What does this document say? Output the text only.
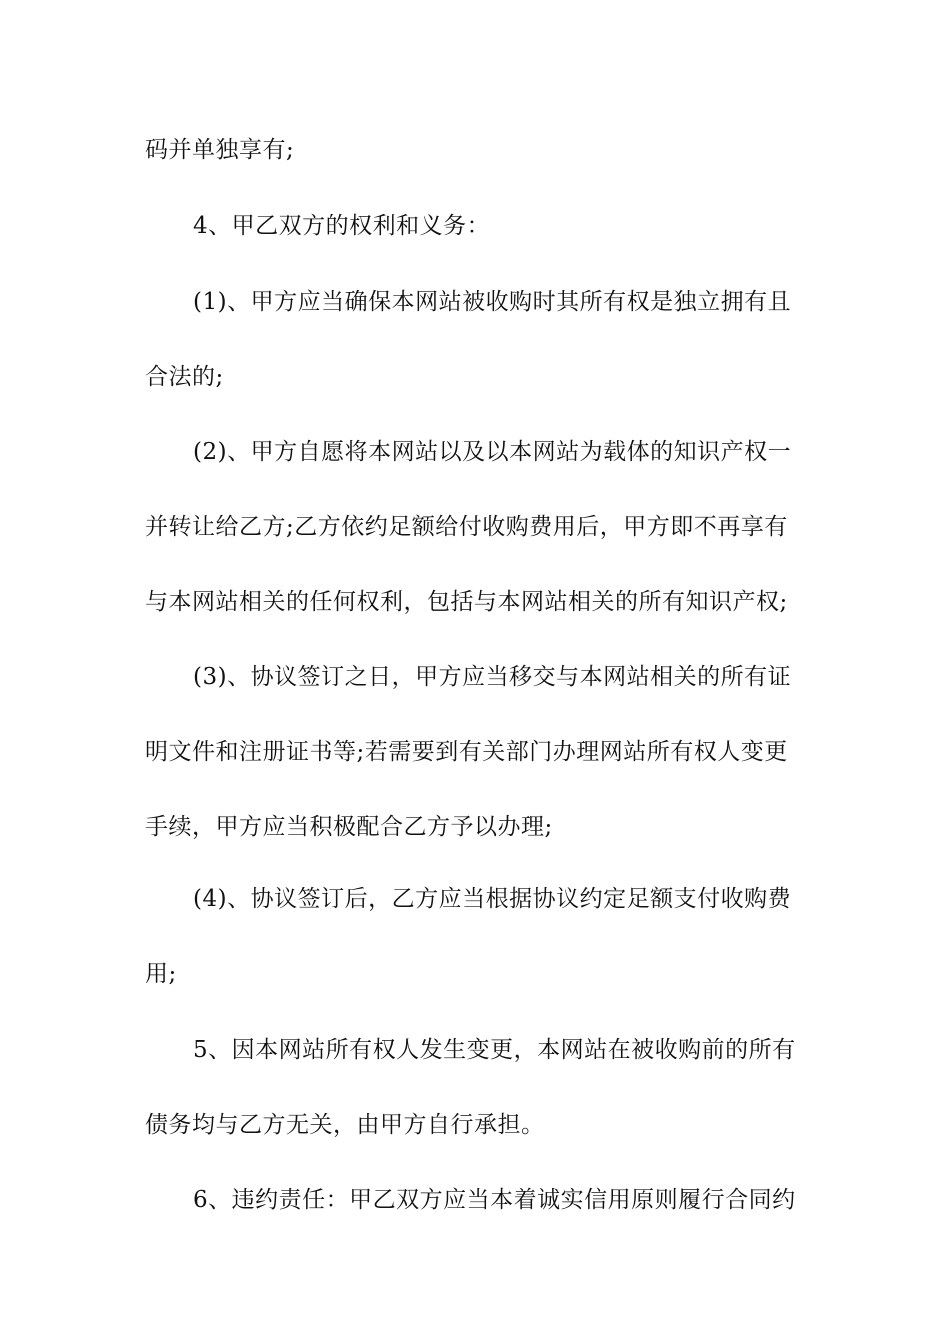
码并单独享有;
4、甲乙双方的权利和义务：
(1)、甲方应当确保本网站被收购时其所有权是独立拥有且
合法的;
(2)、甲方自愿将本网站以及以本网站为载体的知识产权一
并转让给乙方;乙方依约足额给付收购费用后，甲方即不再享有
与本网站相关的任何权利，包括与本网站相关的所有知识产权;
(3)、协议签订之日，甲方应当移交与本网站相关的所有证
明文件和注册证书等;若需要到有关部门办理网站所有权人变更
手续，甲方应当积极配合乙方予以办理;
(4)、协议签订后，乙方应当根据协议约定足额支付收购费
用;
5、因本网站所有权人发生变更，本网站在被收购前的所有
债务均与乙方无关，由甲方自行承担。
6、违约责任：甲乙双方应当本着诚实信用原则履行合同约
